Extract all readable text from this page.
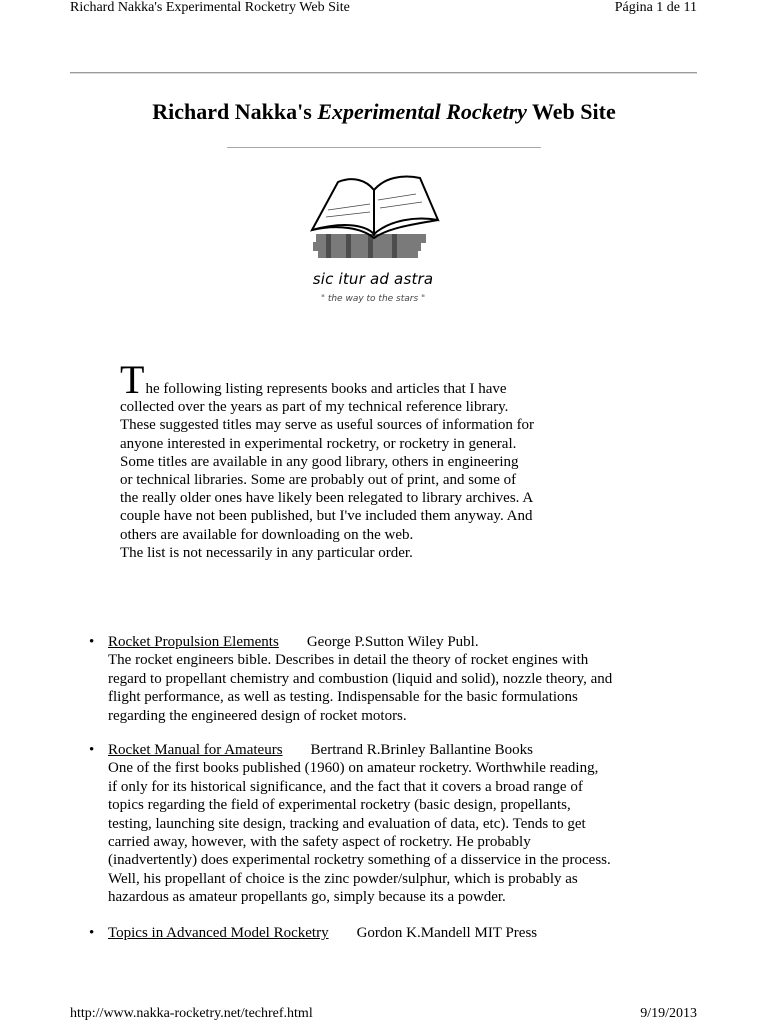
Richard Nakka's Experimental Rocketry Web Site	Página 1 de 11
Richard Nakka's Experimental Rocketry Web Site
sic itur ad astra
" the way to the stars "
T he following listing represents books and articles that I have
collected over the years as part of my technical reference library.
These suggested titles may serve as useful sources of information for
anyone interested in experimental rocketry, or rocketry in general.
Some titles are available in any good library, others in engineering
or technical libraries. Some are probably out of print, and some of
the really older ones have likely been relegated to library archives. A
couple have not been published, but I've included them anyway. And
others are available for downloading on the web.
The list is not necessarily in any particular order.
• Rocket Propulsion Elements George P.Sutton Wiley Publ.
The rocket engineers bible. Describes in detail the theory of rocket engines with
regard to propellant chemistry and combustion (liquid and solid), nozzle theory, and
flight performance, as well as testing. Indispensable for the basic formulations
regarding the engineered design of rocket motors.
• Rocket Manual for Amateurs Bertrand R.Brinley Ballantine Books
One of the first books published (1960) on amateur rocketry. Worthwhile reading,
if only for its historical significance, and the fact that it covers a broad range of
topics regarding the field of experimental rocketry (basic design, propellants,
testing, launching site design, tracking and evaluation of data, etc). Tends to get
carried away, however, with the safety aspect of rocketry. He probably
(inadvertently) does experimental rocketry something of a disservice in the process.
Well, his propellant of choice is the zinc powder/sulphur, which is probably as
hazardous as amateur propellants go, simply because its a powder.
• Topics in Advanced Model Rocketry Gordon K.Mandell MIT Press
http://www.nakka-rocketry.net/techref.html	9/19/2013
